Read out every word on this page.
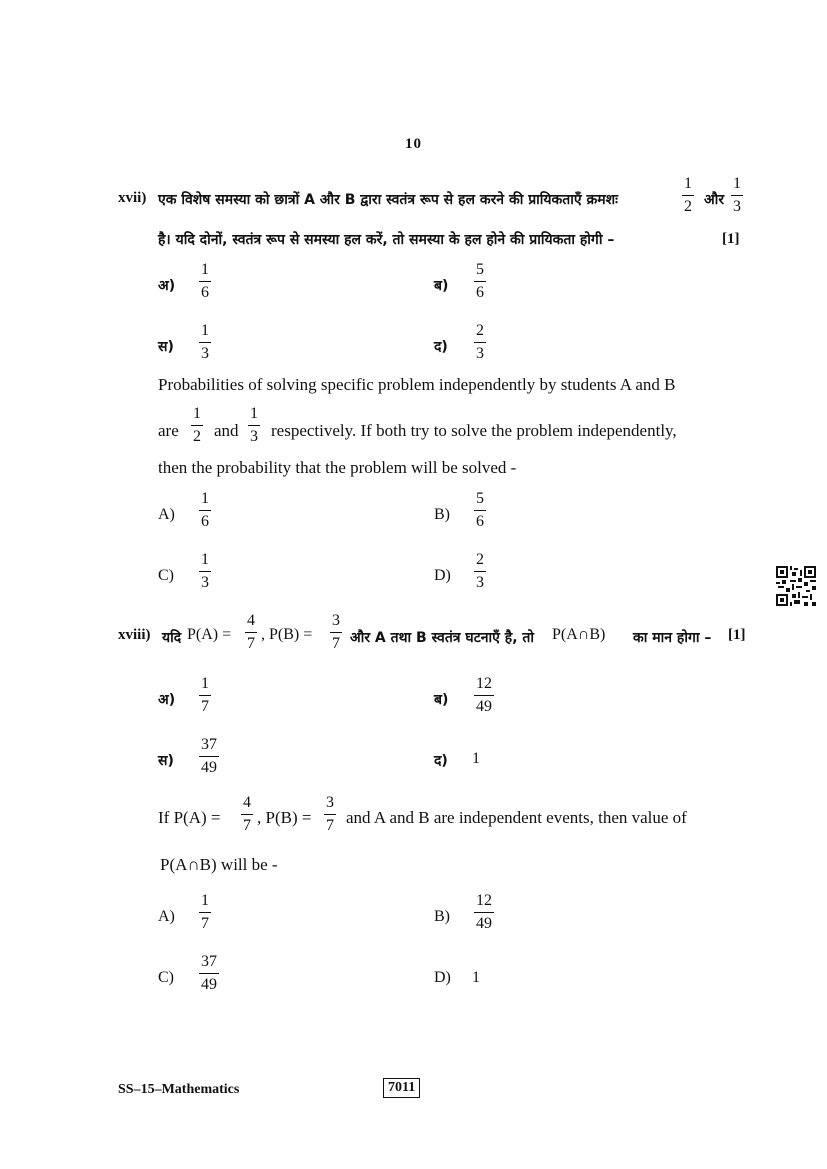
10
xvii) एक विशेष समस्या को छात्रों A और B द्वारा स्वतंत्र रूप से हल करने की प्रायिकताएँ क्रमशः	$\frac{1}{2}$ और $\frac{1}{3}$
है। यदि दोनों, स्वतंत्र रूप से समस्या हल करें, तो समस्या के हल होने की प्रायिकता होगी –	[1]
अ) $\frac{1}{6}$	ब) $\frac{5}{6}$
स) $\frac{1}{3}$	द) $\frac{2}{3}$
Probabilities of solving specific problem independently by students A and B
are $\frac{1}{2}$ and $\frac{1}{3}$ respectively. If both try to solve the problem independently,
then the probability that the problem will be solved -
$A) \frac{1}{6}$	$B) \frac{5}{6}$
$C) \frac{1}{3}$	$D) \frac{2}{3}$
xviii) यदि $P(A) = \frac{4}{7}$ , $P(B) = \frac{3}{7}$ और A तथा B स्वतंत्र घटनाएँ है, तो P(A∩B) का मान होगा – [1]
अ) $\frac{1}{7}$	ब) $\frac{12}{49}$
स) $\frac{37}{49}$	द) 1
If $P(A) = \frac{4}{7}$ , $P(B) = \frac{3}{7}$ and A and B are independent events, then value of
P(A∩B) will be -
$A) \frac{1}{7}$	$B) \frac{12}{49}$
$C) \frac{37}{49}$	D) 1
SS–15–Mathematics	7011
